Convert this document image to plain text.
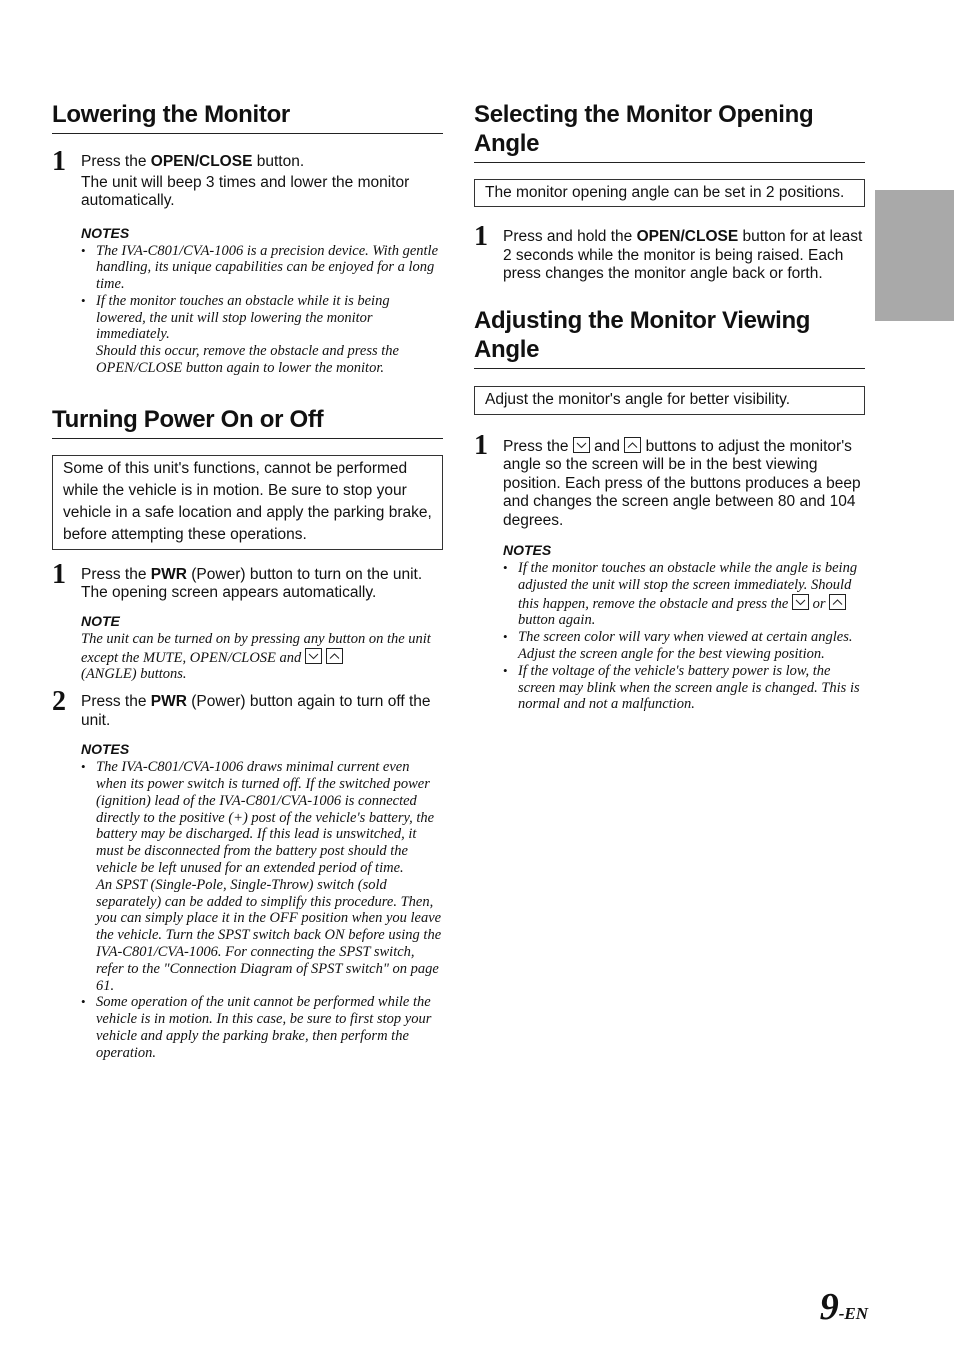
Lowering the Monitor
1 Press the OPEN/CLOSE button.
The unit will beep 3 times and lower the monitor automatically.
NOTES
• The IVA-C801/CVA-1006 is a precision device. With gentle handling, its unique capabilities can be enjoyed for a long time.
• If the monitor touches an obstacle while it is being lowered, the unit will stop lowering the monitor immediately.
Should this occur, remove the obstacle and press the OPEN/CLOSE button again to lower the monitor.
Turning Power On or Off
Some of this unit's functions, cannot be performed while the vehicle is in motion. Be sure to stop your vehicle in a safe location and apply the parking brake, before attempting these operations.
1 Press the PWR (Power) button to turn on the unit. The opening screen appears automatically.
NOTE
The unit can be turned on by pressing any button on the unit except the MUTE, OPEN/CLOSE and

(ANGLE) buttons.
2 Press the PWR (Power) button again to turn off the unit.
NOTES
• The IVA-C801/CVA-1006 draws minimal current even when its power switch is turned off. If the switched power (ignition) lead of the IVA-C801/CVA-1006 is connected directly to the positive (+) post of the vehicle's battery, the battery may be discharged. If this lead is unswitched, it must be disconnected from the battery post should the vehicle be left unused for an extended period of time.
An SPST (Single-Pole, Single-Throw) switch (sold separately) can be added to simplify this procedure. Then, you can simply place it in the OFF position when you leave the vehicle. Turn the SPST switch back ON before using the IVA-C801/CVA-1006. For connecting the SPST switch, refer to the "Connection Diagram of SPST switch" on page 61.
• Some operation of the unit cannot be performed while the vehicle is in motion. In this case, be sure to first stop your vehicle and apply the parking brake, then perform the operation.
Selecting the Monitor Opening Angle
The monitor opening angle can be set in 2 positions.
1 Press and hold the OPEN/CLOSE button for at least 2 seconds while the monitor is being raised. Each press changes the monitor angle back or forth.
Adjusting the Monitor Viewing Angle
Adjust the monitor's angle for better visibility.
1 Press the and buttons to adjust the monitor's angle so the screen will be in the best viewing position. Each press of the buttons produces a beep and changes the screen angle between 80 and 104 degrees.
NOTES
• If the monitor touches an obstacle while the angle is being adjusted the unit will stop the screen immediately. Should this happen, remove the obstacle and press the or
button again.
• The screen color will vary when viewed at certain angles. Adjust the screen angle for the best viewing position.
• If the voltage of the vehicle's battery power is low, the screen may blink when the screen angle is changed. This is normal and not a malfunction.
9-EN
